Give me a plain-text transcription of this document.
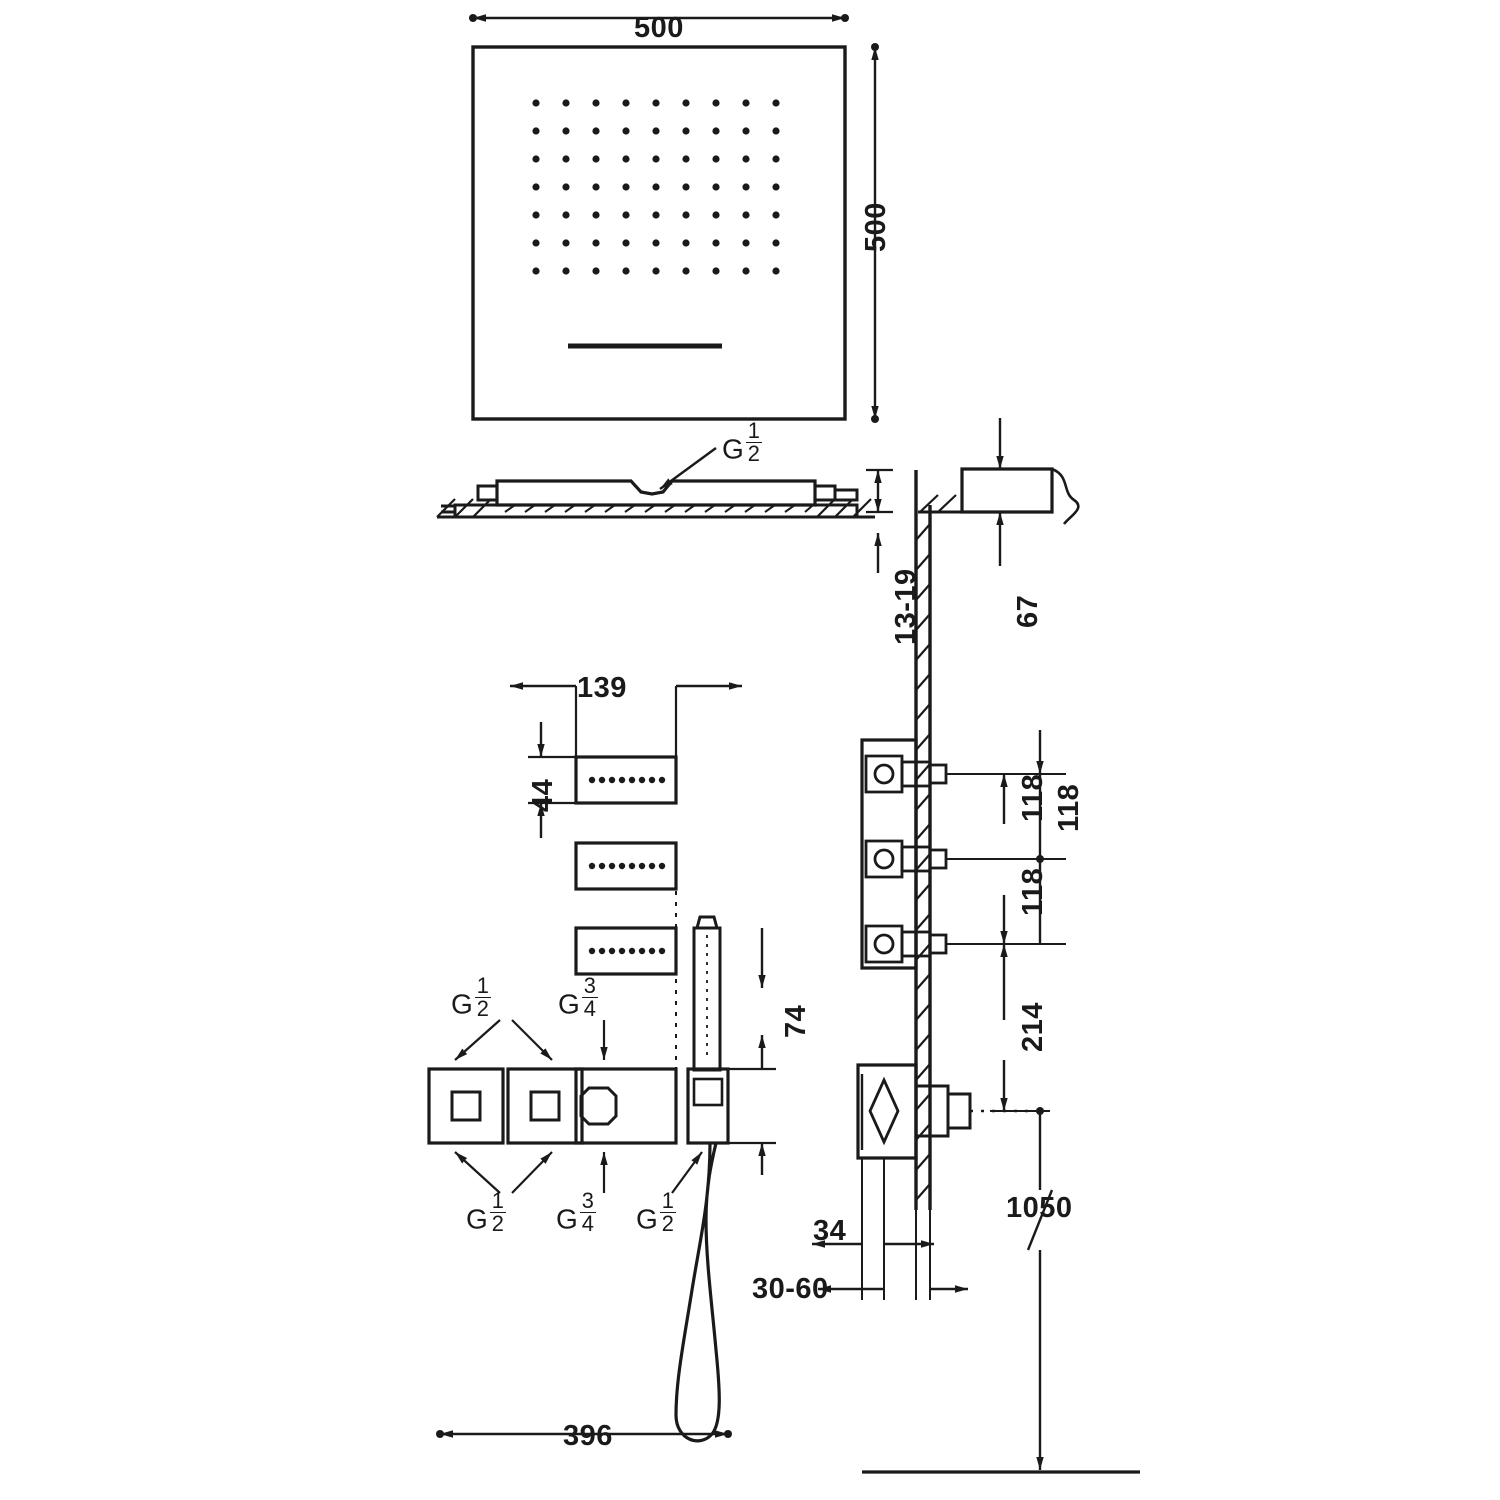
500
500
13-19	67
139
44
74
118
118
118
214
1050
34
30-60
396
G $\frac{1}{2}$
G $\frac{1}{2}$ G $\frac{3}{4}$
G $\frac{1}{2}$ G $\frac{3}{4}$ G $\frac{1}{2}$
